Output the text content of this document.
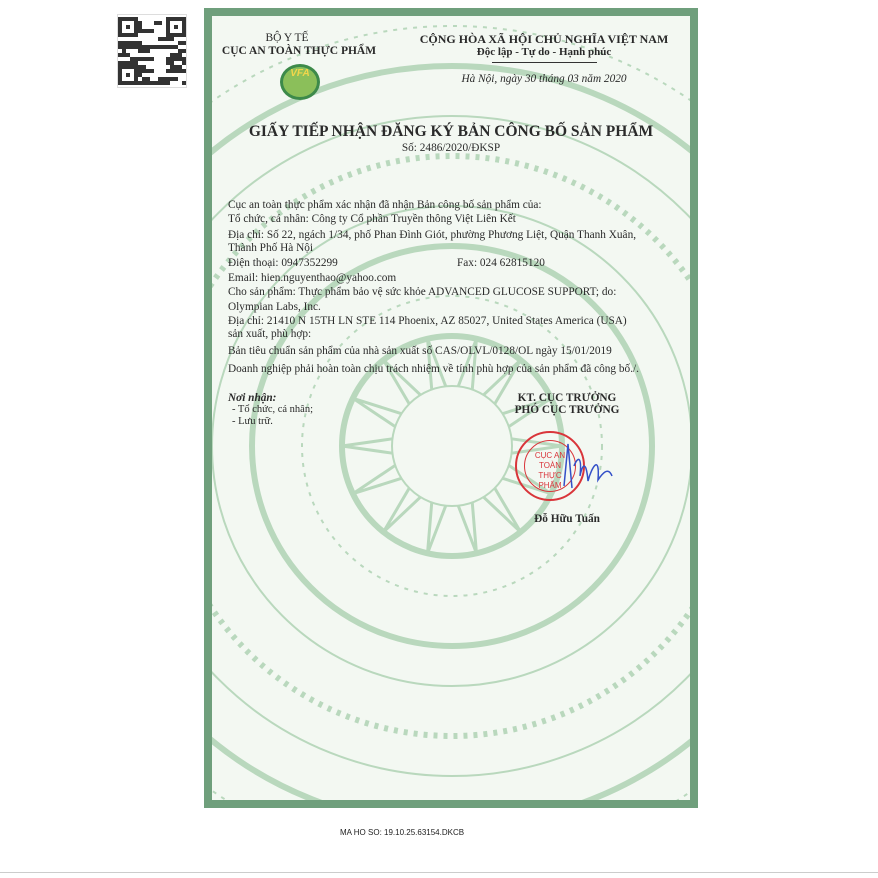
BỘ Y TẾ
CỤC AN TOÀN THỰC PHẨM
VFA
CỘNG HÒA XÃ HỘI CHỦ NGHĨA VIỆT NAM
Độc lập - Tự do - Hạnh phúc
Hà Nội, ngày 30 tháng 03 năm 2020
GIẤY TIẾP NHẬN ĐĂNG KÝ BẢN CÔNG BỐ SẢN PHẨM
Số: 2486/2020/ĐKSP
Cục an toàn thực phẩm xác nhận đã nhận Bản công bố sản phẩm của:
Tổ chức, cá nhân: Công ty Cổ phần Truyền thông Việt Liên Kết
Địa chỉ: Số 22, ngách 1/34, phố Phan Đình Giót, phường Phương Liệt, Quận Thanh Xuân,
Thành Phố Hà Nội
Điện thoại: 0947352299	Fax: 024 62815120
Email: hien.nguyenthao@yahoo.com
Cho sản phẩm: Thực phẩm bảo vệ sức khỏe ADVANCED GLUCOSE SUPPORT; do:
Olympian Labs, Inc.
Địa chỉ: 21410 N 15TH LN STE 114 Phoenix, AZ 85027, United States America (USA)
sản xuất, phù hợp:
Bản tiêu chuẩn sản phẩm của nhà sản xuất số CAS/OLVL/0128/OL ngày 15/01/2019
Doanh nghiệp phải hoàn toàn chịu trách nhiệm về tính phù hợp của sản phẩm đã công bố./.
Nơi nhận:
- Tổ chức, cá nhân;
- Lưu trữ.
KT. CỤC TRƯỞNG
PHÓ CỤC TRƯỞNG
CỤC AN TOÀN THỰC PHẨM
Đỗ Hữu Tuấn
MA HO SO: 19.10.25.63154.DKCB
